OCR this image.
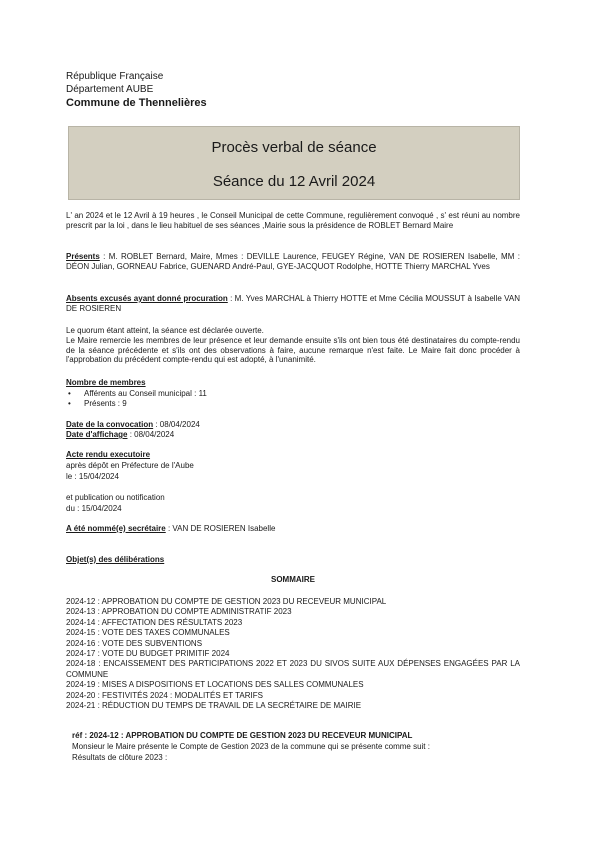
République Française
Département AUBE
Commune de Thennelières
Procès verbal de séance
Séance du 12 Avril 2024
L' an 2024 et le 12 Avril à 19 heures , le Conseil Municipal de cette Commune, regulièrement convoqué , s' est réuni au nombre prescrit par la loi , dans le lieu habituel de ses séances ,Mairie sous la présidence de ROBLET Bernard Maire
Présents : M. ROBLET Bernard, Maire, Mmes : DEVILLE Laurence, FEUGEY Régine, VAN DE ROSIEREN Isabelle, MM : DÉON Julian, GORNEAU Fabrice, GUENARD André-Paul, GYE-JACQUOT Rodolphe, HOTTE Thierry MARCHAL Yves
Absents excusés ayant donné procuration : M. Yves MARCHAL à Thierry HOTTE et Mme Cécilia MOUSSUT à Isabelle VAN DE ROSIEREN
Le quorum étant atteint, la séance est déclarée ouverte.
Le Maire remercie les membres de leur présence et leur demande ensuite s'ils ont bien tous été destinataires du compte-rendu de la séance précédente et s'ils ont des observations à faire, aucune remarque n'est faite. Le Maire fait donc procéder à l'approbation du précédent compte-rendu qui est adopté, à l'unanimité.
Nombre de membres
• Afférents au Conseil municipal : 11
• Présents : 9
Date de la convocation : 08/04/2024
Date d'affichage : 08/04/2024
Acte rendu executoire
après dépôt en Préfecture de l'Aube
le : 15/04/2024
et publication ou notification
du : 15/04/2024
A été nommé(e) secrétaire : VAN DE ROSIEREN Isabelle
Objet(s) des délibérations
SOMMAIRE
2024-12 : APPROBATION DU COMPTE DE GESTION 2023 DU RECEVEUR MUNICIPAL
2024-13 : APPROBATION DU COMPTE ADMINISTRATIF 2023
2024-14 : AFFECTATION DES RÉSULTATS 2023
2024-15 : VOTE DES TAXES COMMUNALES
2024-16 : VOTE DES SUBVENTIONS
2024-17 : VOTE DU BUDGET PRIMITIF 2024
2024-18 : ENCAISSEMENT DES PARTICIPATIONS 2022 ET 2023 DU SIVOS SUITE AUX DÉPENSES ENGAGÉES PAR LA COMMUNE
2024-19 : MISES A DISPOSITIONS ET LOCATIONS DES SALLES COMMUNALES
2024-20 : FESTIVITÉS 2024 : MODALITÉS ET TARIFS
2024-21 : RÉDUCTION DU TEMPS DE TRAVAIL DE LA SECRÉTAIRE DE MAIRIE
réf : 2024-12 : APPROBATION DU COMPTE DE GESTION 2023 DU RECEVEUR MUNICIPAL
Monsieur le Maire présente le Compte de Gestion 2023 de la commune qui se présente comme suit :
Résultats de clôture 2023 :
